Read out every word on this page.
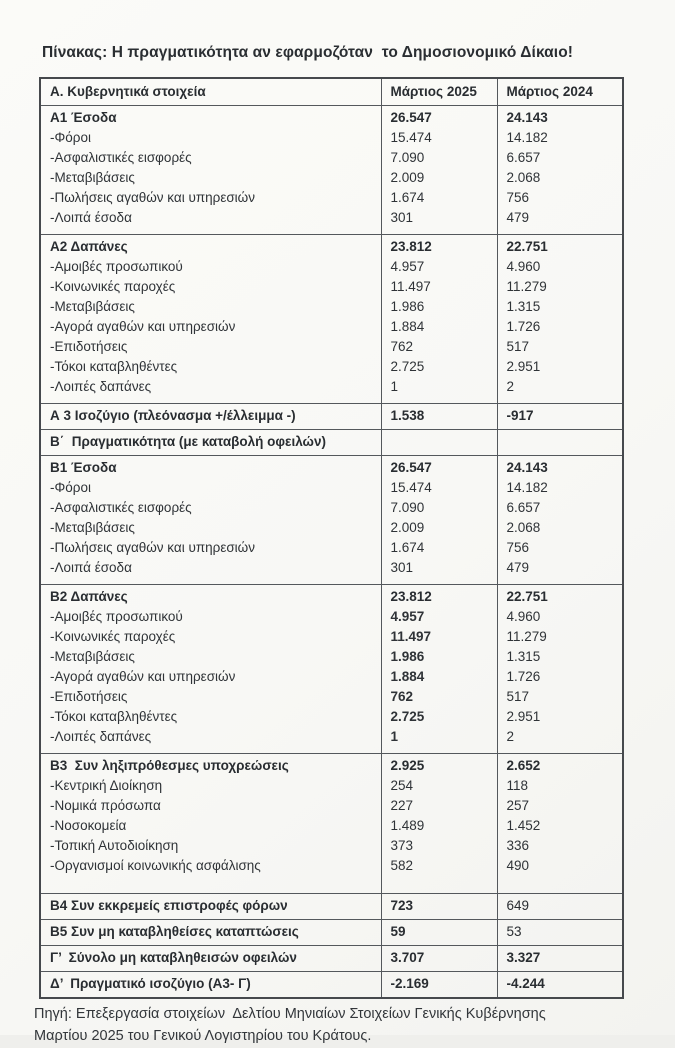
Πίνακας: Η πραγματικότητα αν εφαρμοζόταν  το Δημοσιονομικό Δίκαιο!
Α. Κυβερνητικά στοιχεία	Μάρτιος 2025	Μάρτιος 2024
Α1 Έσοδα	26.547	24.143
-Φόροι	15.474	14.182
-Ασφαλιστικές εισφορές	7.090	6.657
-Μεταβιβάσεις	2.009	2.068
-Πωλήσεις αγαθών και υπηρεσιών	1.674	756
-Λοιπά έσοδα	301	479
Α2 Δαπάνες	23.812	22.751
-Αμοιβές προσωπικού	4.957	4.960
-Κοινωνικές παροχές	11.497	11.279
-Μεταβιβάσεις	1.986	1.315
-Αγορά αγαθών και υπηρεσιών	1.884	1.726
-Επιδοτήσεις	762	517
-Τόκοι καταβληθέντες	2.725	2.951
-Λοιπές δαπάνες	1	2
Α 3 Ισοζύγιο (πλεόνασμα +/έλλειμμα -)	1.538	-917
Β΄  Πραγματικότητα (με καταβολή οφειλών)		
Β1 Έσοδα	26.547	24.143
-Φόροι	15.474	14.182
-Ασφαλιστικές εισφορές	7.090	6.657
-Μεταβιβάσεις	2.009	2.068
-Πωλήσεις αγαθών και υπηρεσιών	1.674	756
-Λοιπά έσοδα	301	479
Β2 Δαπάνες	23.812	22.751
-Αμοιβές προσωπικού	4.957	4.960
-Κοινωνικές παροχές	11.497	11.279
-Μεταβιβάσεις	1.986	1.315
-Αγορά αγαθών και υπηρεσιών	1.884	1.726
-Επιδοτήσεις	762	517
-Τόκοι καταβληθέντες	2.725	2.951
-Λοιπές δαπάνες	1	2
Β3  Συν ληξιπρόθεσμες υποχρεώσεις	2.925	2.652
-Κεντρική Διοίκηση	254	118
-Νομικά πρόσωπα	227	257
-Νοσοκομεία	1.489	1.452
-Τοπική Αυτοδιοίκηση	373	336
-Οργανισμοί κοινωνικής ασφάλισης	582	490
Β4 Συν εκκρεμείς επιστροφές φόρων	723	649
Β5 Συν μη καταβληθείσες καταπτώσεις	59	53
Γ’  Σύνολο μη καταβληθεισών οφειλών	3.707	3.327
Δ’  Πραγματικό ισοζύγιο (Α3- Γ)	-2.169	-4.244

Πηγή: Επεξεργασία στοιχείων  Δελτίου Μηνιαίων Στοιχείων Γενικής Κυβέρνησης
Μαρτίου 2025 του Γενικού Λογιστηρίου του Κράτους.
